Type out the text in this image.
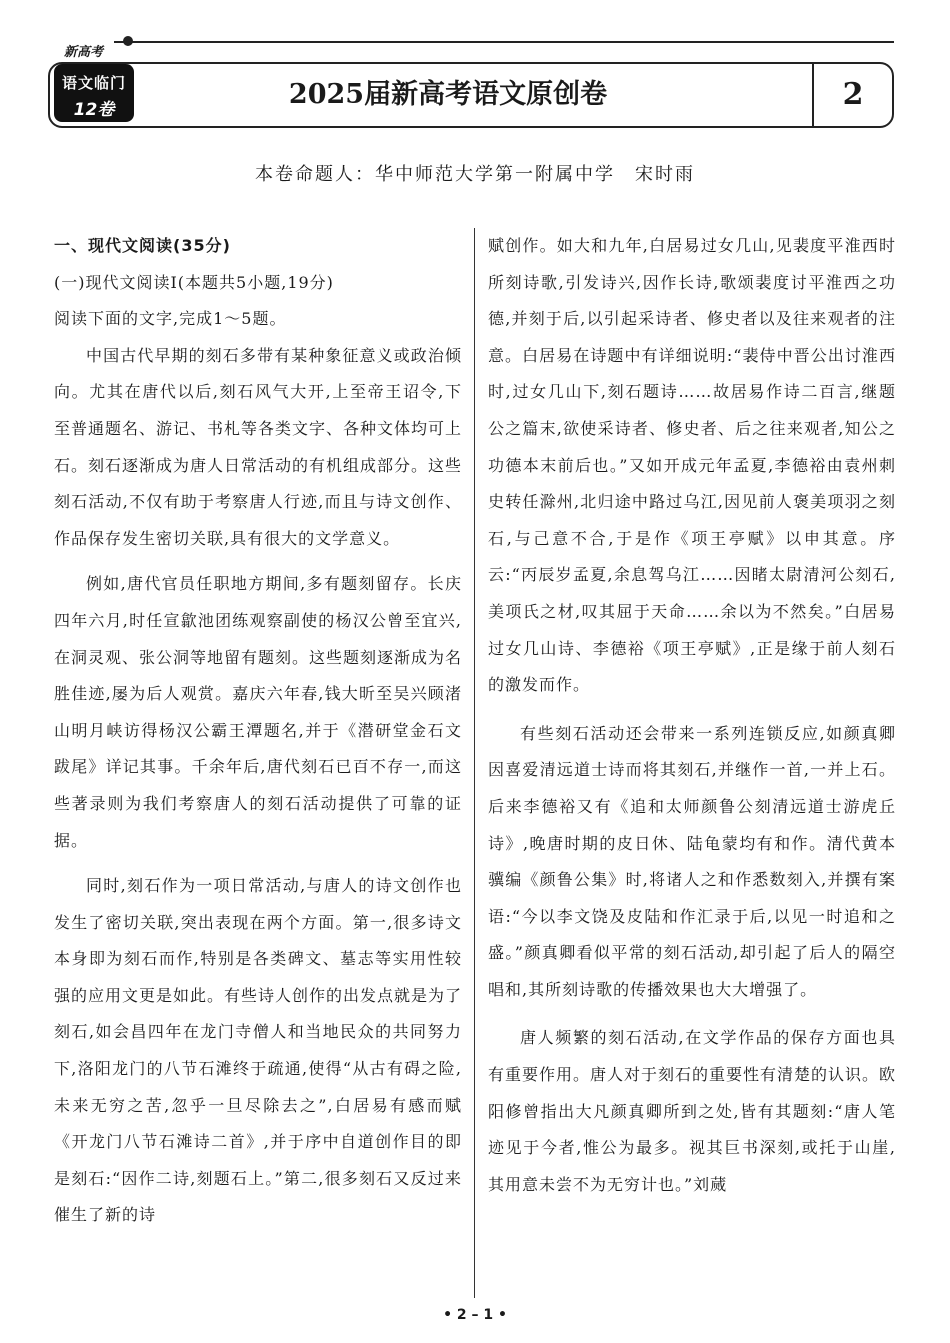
新高考
语文临门
12卷	2025届新高考语文原创卷	2
本卷命题人：华中师范大学第一附属中学　宋时雨

一、现代文阅读(35分)

(一)现代文阅读Ⅰ(本题共5小题,19分)

阅读下面的文字,完成1～5题。

中国古代早期的刻石多带有某种象征意义或政治倾向。尤其在唐代以后,刻石风气大开,上至帝王诏令,下至普通题名、游记、书札等各类文字、各种文体均可上石。刻石逐渐成为唐人日常活动的有机组成部分。这些刻石活动,不仅有助于考察唐人行迹,而且与诗文创作、作品保存发生密切关联,具有很大的文学意义。

例如,唐代官员任职地方期间,多有题刻留存。长庆四年六月,时任宣歙池团练观察副使的杨汉公曾至宜兴,在洞灵观、张公洞等地留有题刻。这些题刻逐渐成为名胜佳迹,屡为后人观赏。嘉庆六年春,钱大昕至吴兴顾渚山明月峡访得杨汉公霸王潭题名,并于《潜研堂金石文跋尾》详记其事。千余年后,唐代刻石已百不存一,而这些著录则为我们考察唐人的刻石活动提供了可靠的证据。

同时,刻石作为一项日常活动,与唐人的诗文创作也发生了密切关联,突出表现在两个方面。第一,很多诗文本身即为刻石而作,特别是各类碑文、墓志等实用性较强的应用文更是如此。有些诗人创作的出发点就是为了刻石,如会昌四年在龙门寺僧人和当地民众的共同努力下,洛阳龙门的八节石滩终于疏通,使得“从古有碍之险,未来无穷之苦,忽乎一旦尽除去之”,白居易有感而赋《开龙门八节石滩诗二首》,并于序中自道创作目的即是刻石:“因作二诗,刻题石上。”第二,很多刻石又反过来催生了新的诗

赋创作。如大和九年,白居易过女几山,见裴度平淮西时所刻诗歌,引发诗兴,因作长诗,歌颂裴度讨平淮西之功德,并刻于后,以引起采诗者、修史者以及往来观者的注意。白居易在诗题中有详细说明:“裴侍中晋公出讨淮西时,过女几山下,刻石题诗……故居易作诗二百言,继题公之篇末,欲使采诗者、修史者、后之往来观者,知公之功德本末前后也。”又如开成元年孟夏,李德裕由袁州刺史转任滁州,北归途中路过乌江,因见前人褒美项羽之刻石,与己意不合,于是作《项王亭赋》以申其意。序云:“丙辰岁孟夏,余息驾乌江……因睹太尉清河公刻石,美项氏之材,叹其屈于天命……余以为不然矣。”白居易过女几山诗、李德裕《项王亭赋》,正是缘于前人刻石的激发而作。

有些刻石活动还会带来一系列连锁反应,如颜真卿因喜爱清远道士诗而将其刻石,并继作一首,一并上石。后来李德裕又有《追和太师颜鲁公刻清远道士游虎丘诗》,晚唐时期的皮日休、陆龟蒙均有和作。清代黄本骥编《颜鲁公集》时,将诸人之和作悉数刻入,并撰有案语:“今以李文饶及皮陆和作汇录于后,以见一时追和之盛。”颜真卿看似平常的刻石活动,却引起了后人的隔空唱和,其所刻诗歌的传播效果也大大增强了。

唐人频繁的刻石活动,在文学作品的保存方面也具有重要作用。唐人对于刻石的重要性有清楚的认识。欧阳修曾指出大凡颜真卿所到之处,皆有其题刻:“唐人笔迹见于今者,惟公为最多。视其巨书深刻,或托于山崖,其用意未尝不为无穷计也。”刘蒇

• 2 – 1 •
